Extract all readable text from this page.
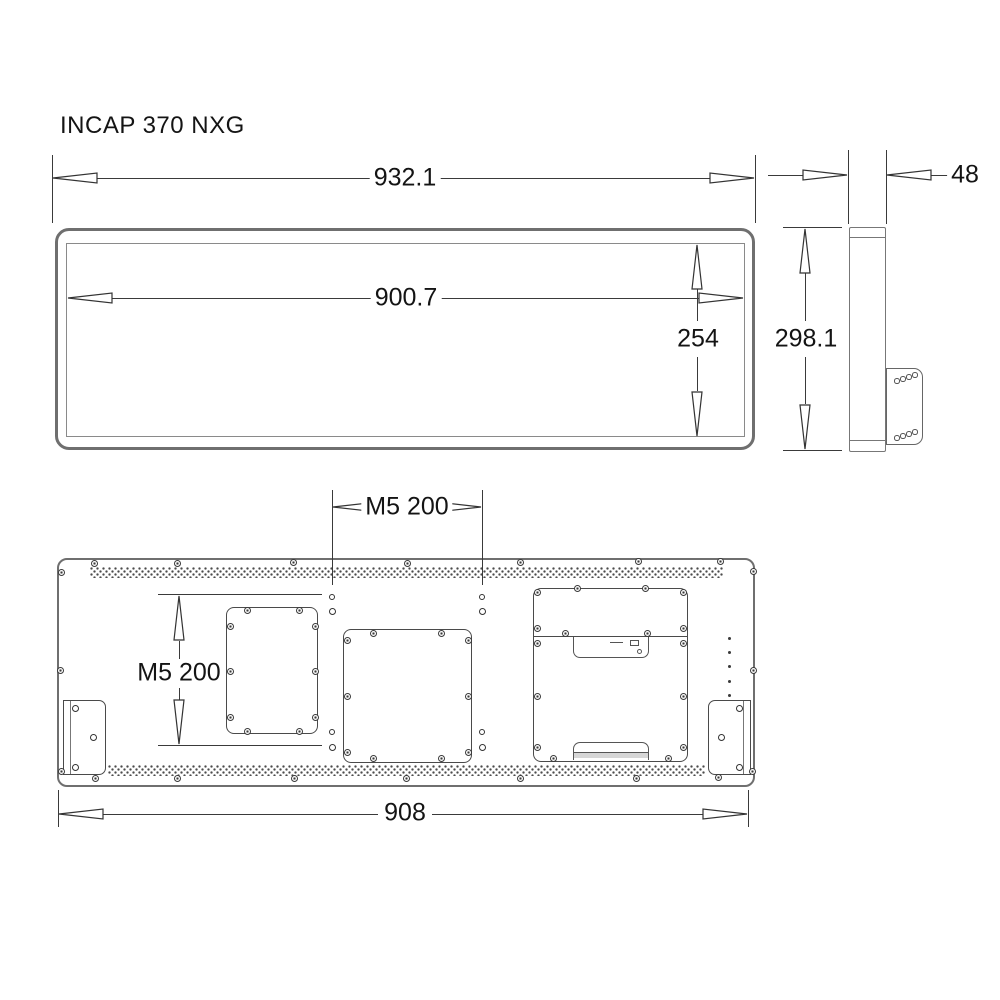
INCAP 370 NXG
932.1	48
900.7
254 298.1
M5 200
M5 200
908
